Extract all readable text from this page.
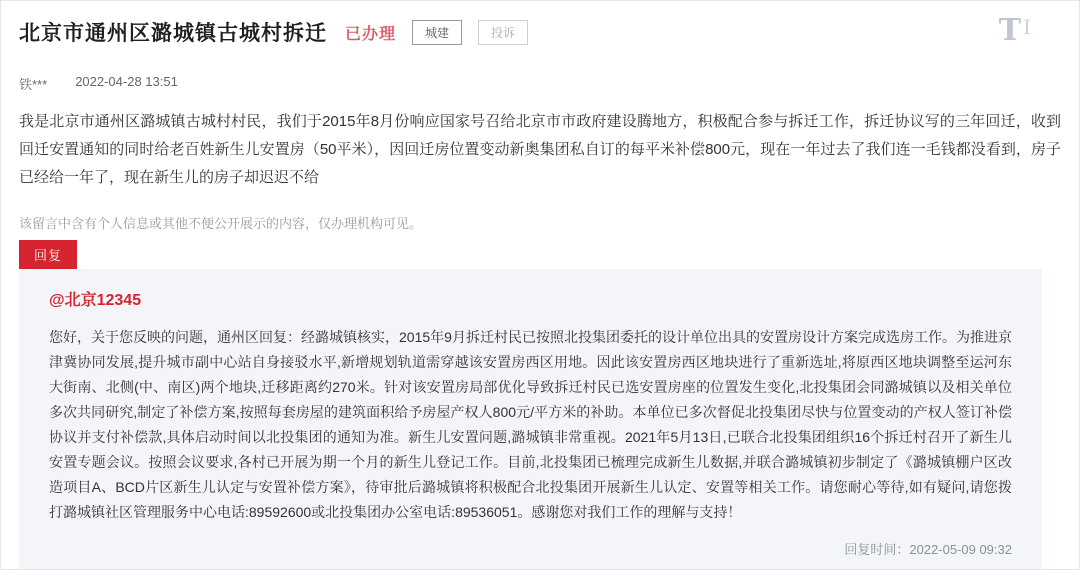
T I
北京市通州区潞城镇古城村拆迁 已办理	城建	投诉
铁*** 2022-04-28 13:51
我是北京市通州区潞城镇古城村村民，我们于2015年8月份响应国家号召给北京市市政府建设腾地方，积极配合参与拆迁工作，拆迁协议写的三年回迁，收到回迁安置通知的同时给老百姓新生儿安置房（50平米），因回迁房位置变动新奥集团私自订的每平米补偿800元，现在一年过去了我们连一毛钱都没看到，房子已经给一年了，现在新生儿的房子却迟迟不给
该留言中含有个人信息或其他不便公开展示的内容，仅办理机构可见。
回复
@北京12345
您好，关于您反映的问题，通州区回复：经潞城镇核实，2015年9月拆迁村民已按照北投集团委托的设计单位出具的安置房设计方案完成选房工作。为推进京津冀协同发展,提升城市副中心站自身接驳水平,新增规划轨道需穿越该安置房西区用地。因此该安置房西区地块进行了重新选址,将原西区地块调整至运河东大街南、北侧(中、南区)两个地块,迁移距离约270米。针对该安置房局部优化导致拆迁村民已选安置房座的位置发生变化,北投集团会同潞城镇以及相关单位多次共同研究,制定了补偿方案,按照每套房屋的建筑面积给予房屋产权人800元/平方米的补助。本单位已多次督促北投集团尽快与位置变动的产权人签订补偿协议并支付补偿款,具体启动时间以北投集团的通知为准。新生儿安置问题,潞城镇非常重视。2021年5月13日,已联合北投集团组织16个拆迁村召开了新生儿安置专题会议。按照会议要求,各村已开展为期一个月的新生儿登记工作。目前,北投集团已梳理完成新生儿数据,并联合潞城镇初步制定了《潞城镇棚户区改造项目A、BCD片区新生儿认定与安置补偿方案》，待审批后潞城镇将积极配合北投集团开展新生儿认定、安置等相关工作。请您耐心等待,如有疑问,请您拨打潞城镇社区管理服务中心电话:89592600或北投集团办公室电话:89536051。感谢您对我们工作的理解与支持！
回复时间：2022-05-09 09:32
